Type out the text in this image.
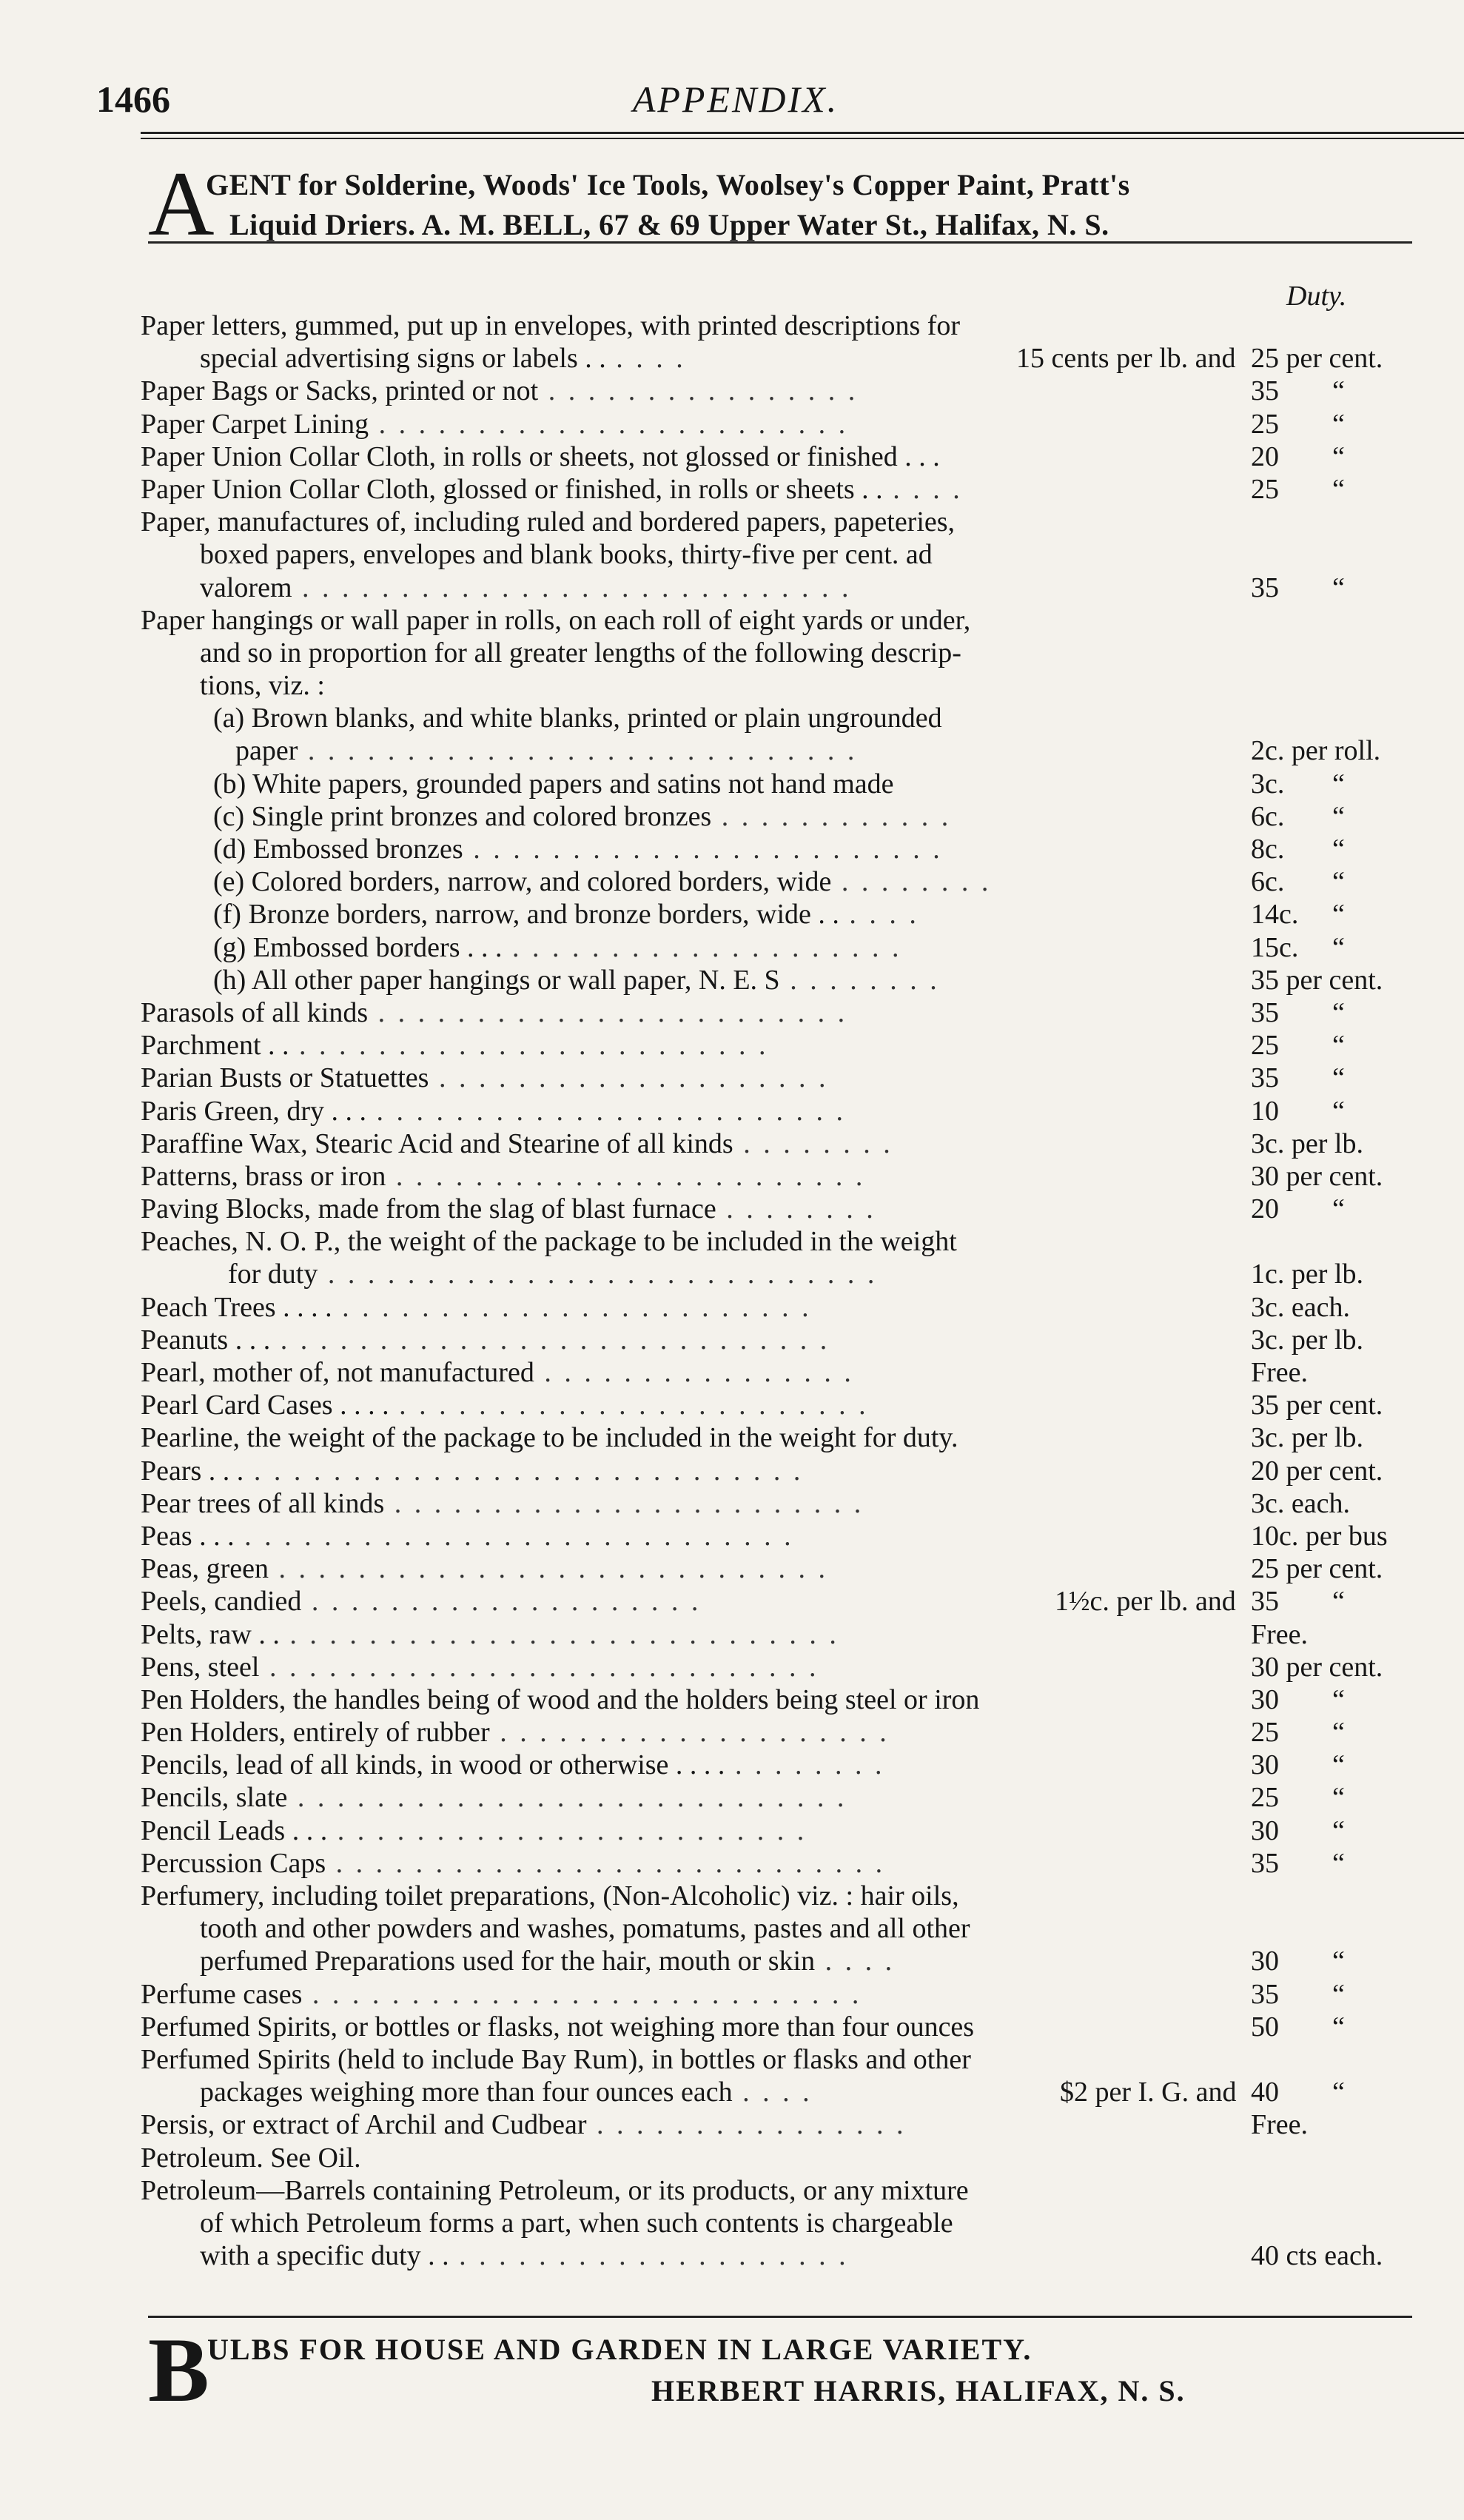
1466	APPENDIX.
A
GENT for Solderine, Woods' Ice Tools, Woolsey's Copper Paint, Pratt's
Liquid Driers. A. M. BELL, 67 & 69 Upper Water St., Halifax, N. S.
Duty.
Paper letters, gummed, put up in envelopes, with printed descriptions for
special advertising signs or labels . . . . . .	15 cents per lb. and 25 per cent.
Paper Bags or Sacks, printed or not . . . . . . . . . . . . . . . .	35 “
Paper Carpet Lining . . . . . . . . . . . . . . . . . . . . . . . .	25 “
Paper Union Collar Cloth, in rolls or sheets, not glossed or finished . . .	20 “
Paper Union Collar Cloth, glossed or finished, in rolls or sheets . . . . . .	25 “
Paper, manufactures of, including ruled and bordered papers, papeteries,
boxed papers, envelopes and blank books, thirty-five per cent. ad
valorem . . . . . . . . . . . . . . . . . . . . . . . . . . . .	35 “
Paper hangings or wall paper in rolls, on each roll of eight yards or under,
and so in proportion for all greater lengths of the following descrip-
tions, viz. :
(a) Brown blanks, and white blanks, printed or plain ungrounded
paper . . . . . . . . . . . . . . . . . . . . . . . . . . . .	2c. per roll.
(b) White papers, grounded papers and satins not hand made	3c. “
(c) Single print bronzes and colored bronzes . . . . . . . . . . . .	6c. “
(d) Embossed bronzes . . . . . . . . . . . . . . . . . . . . . . . .	8c. “
(e) Colored borders, narrow, and colored borders, wide . . . . . . . .	6c. “
(f) Bronze borders, narrow, and bronze borders, wide . . . . . .	14c. “
(g) Embossed borders . . . . . . . . . . . . . . . . . . . . . . .	15c. “
(h) All other paper hangings or wall paper, N. E. S . . . . . . . .	35 per cent.
Parasols of all kinds . . . . . . . . . . . . . . . . . . . . . . . .	35 “
Parchment . . . . . . . . . . . . . . . . . . . . . . . . . .	25 “
Parian Busts or Statuettes . . . . . . . . . . . . . . . . . . . .	35 “
Paris Green, dry . . . . . . . . . . . . . . . . . . . . . . . . . . .	10 “
Paraffine Wax, Stearic Acid and Stearine of all kinds . . . . . . . .	3c. per lb.
Patterns, brass or iron . . . . . . . . . . . . . . . . . . . . . . . .	30 per cent.
Paving Blocks, made from the slag of blast furnace . . . . . . . .	20 “
Peaches, N. O. P., the weight of the package to be included in the weight
for duty . . . . . . . . . . . . . . . . . . . . . . . . . . . .	1c. per lb.
Peach Trees . . . . . . . . . . . . . . . . . . . . . . . . . . . .	3c. each.
Peanuts . . . . . . . . . . . . . . . . . . . . . . . . . . . . . . .	3c. per lb.
Pearl, mother of, not manufactured . . . . . . . . . . . . . . . .	Free.
Pearl Card Cases . . . . . . . . . . . . . . . . . . . . . . . . . . . .	35 per cent.
Pearline, the weight of the package to be included in the weight for duty.	3c. per lb.
Pears . . . . . . . . . . . . . . . . . . . . . . . . . . . . . . .	20 per cent.
Pear trees of all kinds . . . . . . . . . . . . . . . . . . . . . . . .	3c. each.
Peas . . . . . . . . . . . . . . . . . . . . . . . . . . . . . . .	10c. per bus
Peas, green . . . . . . . . . . . . . . . . . . . . . . . . . . . .	25 per cent.
Peels, candied . . . . . . . . . . . . . . . . . . . .	1½c. per lb. and 35 “
Pelts, raw . . . . . . . . . . . . . . . . . . . . . . . . . . . . . .	Free.
Pens, steel . . . . . . . . . . . . . . . . . . . . . . . . . . . .	30 per cent.
Pen Holders, the handles being of wood and the holders being steel or iron	30 “
Pen Holders, entirely of rubber . . . . . . . . . . . . . . . . . . . .	25 “
Pencils, lead of all kinds, in wood or otherwise . . . . . . . . . . . .	30 “
Pencils, slate . . . . . . . . . . . . . . . . . . . . . . . . . . . .	25 “
Pencil Leads . . . . . . . . . . . . . . . . . . . . . . . . . . .	30 “
Percussion Caps . . . . . . . . . . . . . . . . . . . . . . . . . . . .	35 “
Perfumery, including toilet preparations, (Non-Alcoholic) viz. : hair oils,
tooth and other powders and washes, pomatums, pastes and all other
perfumed Preparations used for the hair, mouth or skin . . . .	30 “
Perfume cases . . . . . . . . . . . . . . . . . . . . . . . . . . . .	35 “
Perfumed Spirits, or bottles or flasks, not weighing more than four ounces	50 “
Perfumed Spirits (held to include Bay Rum), in bottles or flasks and other
packages weighing more than four ounces each . . . .	$2 per I. G. and 40 “
Persis, or extract of Archil and Cudbear . . . . . . . . . . . . . . . .	Free.
Petroleum. See Oil.
Petroleum—Barrels containing Petroleum, or its products, or any mixture
of which Petroleum forms a part, when such contents is chargeable
with a specific duty . . . . . . . . . . . . . . . . . . . . . .	40 cts each.
B
ULBS FOR HOUSE AND GARDEN IN LARGE VARIETY.
HERBERT HARRIS, HALIFAX, N. S.
